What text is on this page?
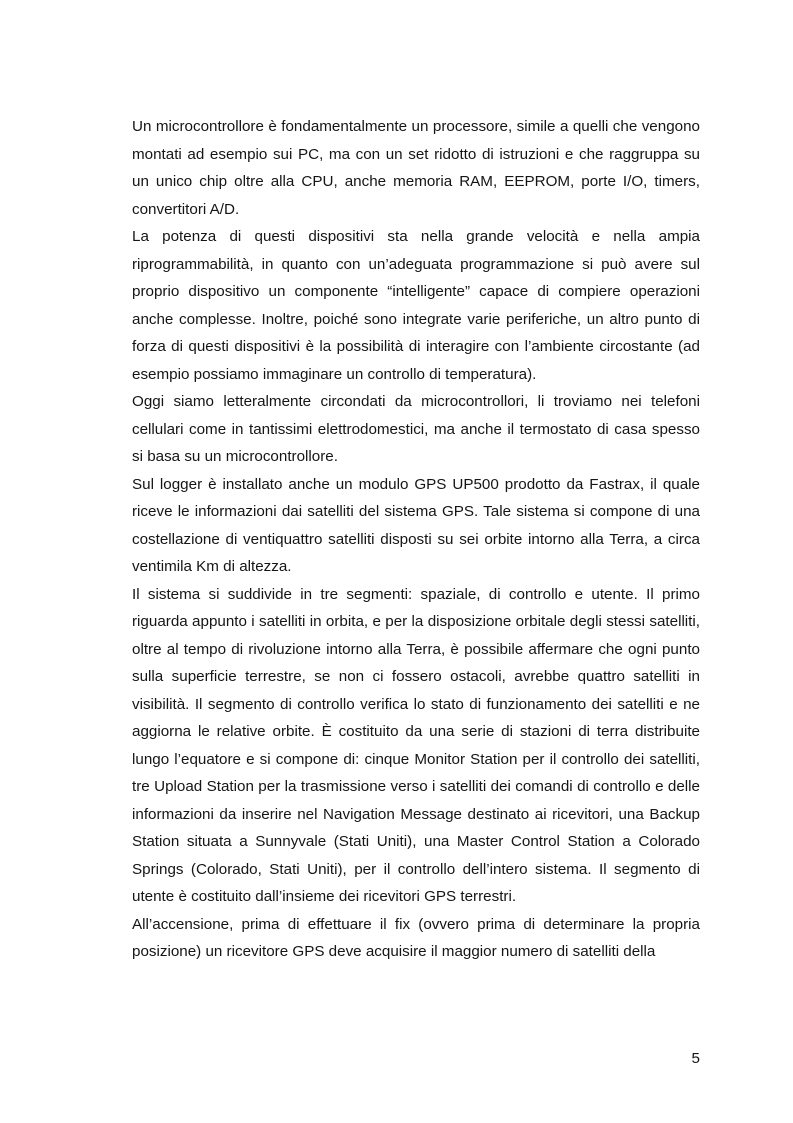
Un microcontrollore è fondamentalmente un processore, simile a quelli che vengono montati ad esempio sui PC, ma con un set ridotto di istruzioni e che raggruppa su un unico chip oltre alla CPU, anche memoria RAM, EEPROM, porte I/O, timers, convertitori A/D.

La potenza di questi dispositivi sta nella grande velocità e nella ampia riprogrammabilità, in quanto con un’adeguata programmazione si può avere sul proprio dispositivo un componente “intelligente” capace di compiere operazioni anche complesse. Inoltre, poiché sono integrate varie periferiche, un altro punto di forza di questi dispositivi è la possibilità di interagire con l’ambiente circostante (ad esempio possiamo immaginare un controllo di temperatura).

Oggi siamo letteralmente circondati da microcontrollori, li troviamo nei telefoni cellulari come in tantissimi elettrodomestici, ma anche il termostato di casa spesso si basa su un microcontrollore.

Sul logger è installato anche un modulo GPS UP500 prodotto da Fastrax, il quale riceve le informazioni dai satelliti del sistema GPS. Tale sistema si compone di una costellazione di ventiquattro satelliti disposti su sei orbite intorno alla Terra, a circa ventimila Km di altezza.

Il sistema si suddivide in tre segmenti: spaziale, di controllo e utente. Il primo riguarda appunto i satelliti in orbita, e per la disposizione orbitale degli stessi satelliti, oltre al tempo di rivoluzione intorno alla Terra, è possibile affermare che ogni punto sulla superficie terrestre, se non ci fossero ostacoli, avrebbe quattro satelliti in visibilità. Il segmento di controllo verifica lo stato di funzionamento dei satelliti e ne aggiorna le relative orbite. È costituito da una serie di stazioni di terra distribuite lungo l’equatore e si compone di: cinque Monitor Station per il controllo dei satelliti, tre Upload Station per la trasmissione verso i satelliti dei comandi di controllo e delle informazioni da inserire nel Navigation Message destinato ai ricevitori, una Backup Station situata a Sunnyvale (Stati Uniti), una Master Control Station a Colorado Springs (Colorado, Stati Uniti), per il controllo dell’intero sistema. Il segmento di utente è costituito dall’insieme dei ricevitori GPS terrestri.

All’accensione, prima di effettuare il fix (ovvero prima di determinare la propria posizione) un ricevitore GPS deve acquisire il maggior numero di satelliti della

5
